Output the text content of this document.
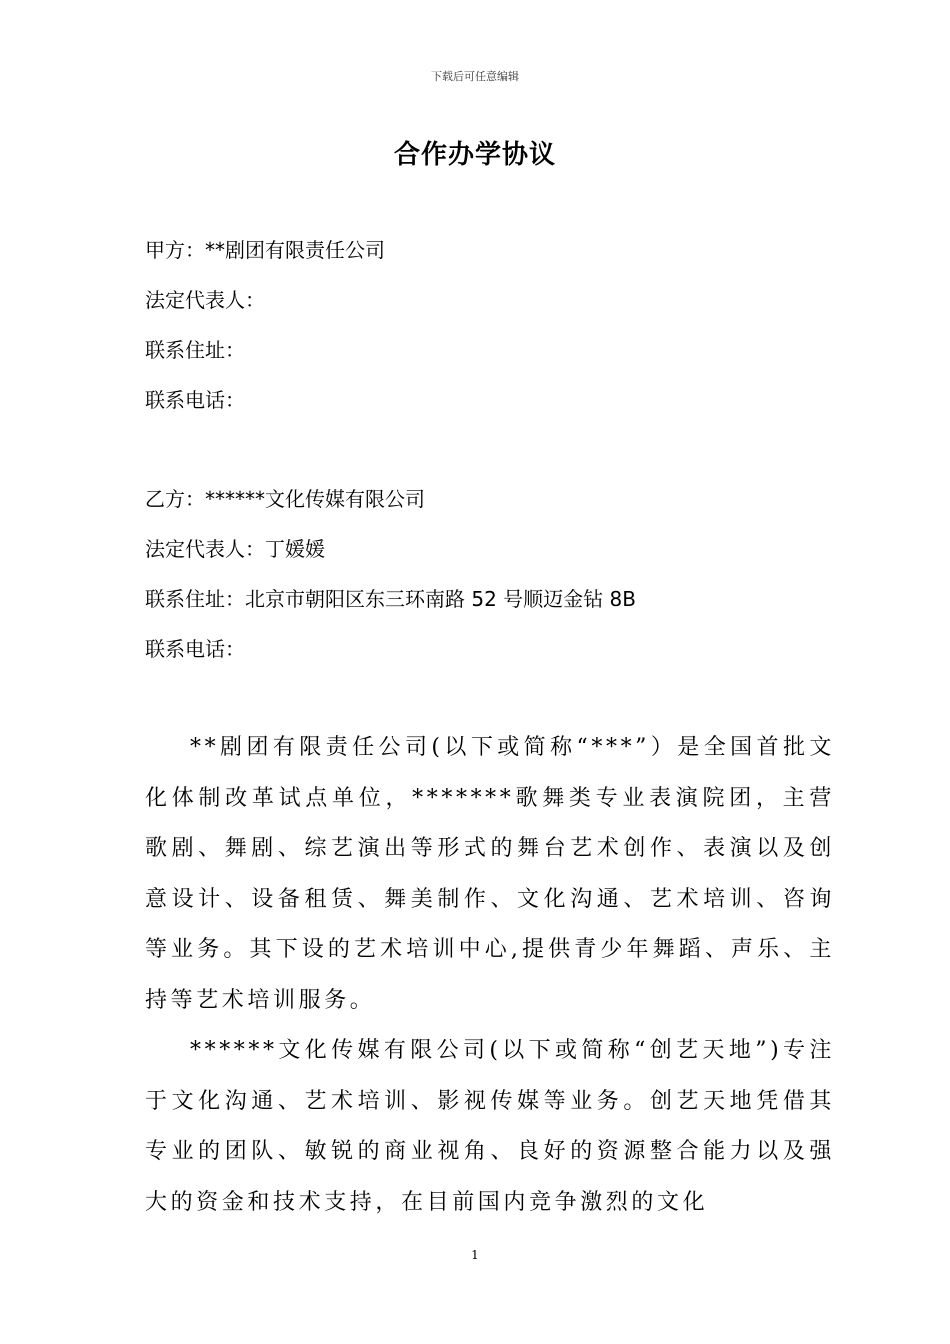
下载后可任意编辑
合作办学协议
甲方：**剧团有限责任公司
法定代表人：
联系住址：
联系电话：
乙方：******文化传媒有限公司
法定代表人：丁媛媛
联系住址：北京市朝阳区东三环南路 52 号顺迈金钻 8B
联系电话：

**剧团有限责任公司(以下或简称“***”）是全国首批文化体制改革试点单位，*******歌舞类专业表演院团，主营歌剧、舞剧、综艺演出等形式的舞台艺术创作、表演以及创意设计、设备租赁、舞美制作、文化沟通、艺术培训、咨询等业务。其下设的艺术培训中心,提供青少年舞蹈、声乐、主持等艺术培训服务。

******文化传媒有限公司(以下或简称“创艺天地”)专注于文化沟通、艺术培训、影视传媒等业务。创艺天地凭借其专业的团队、敏锐的商业视角、良好的资源整合能力以及强大的资金和技术支持，在目前国内竞争激烈的文化

1
